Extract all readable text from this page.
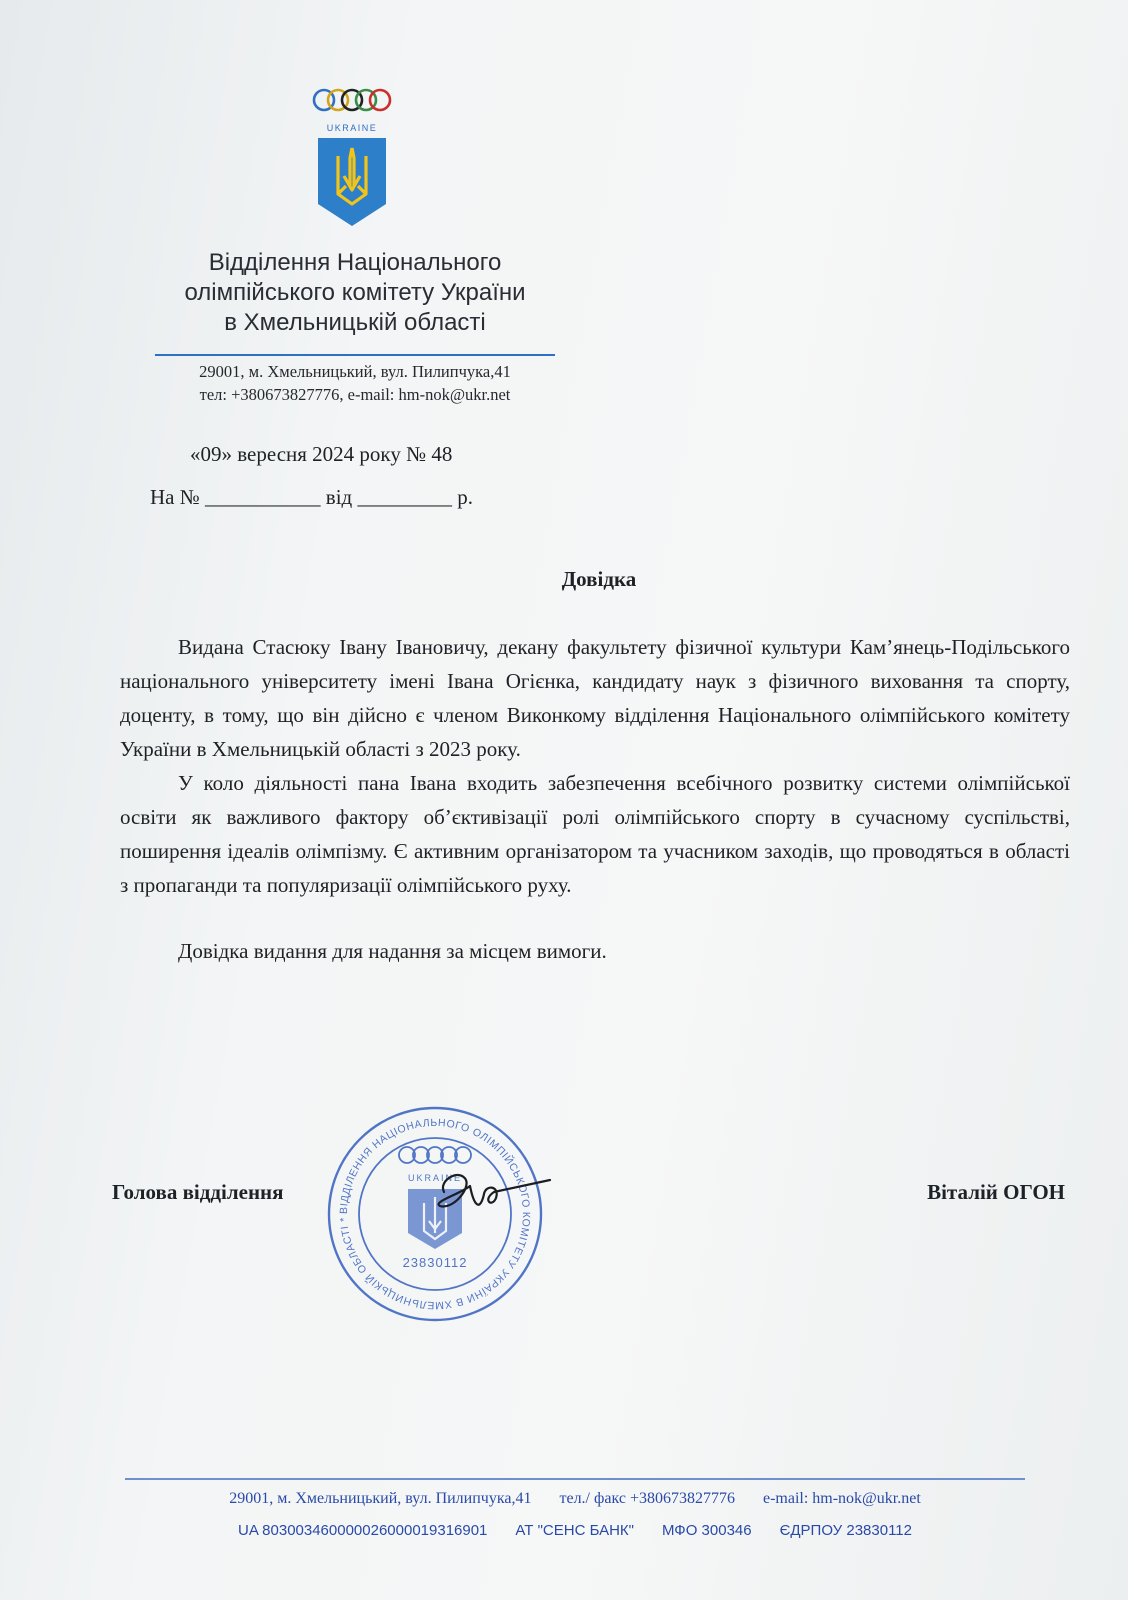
UKRAINE
Відділення Національного
олімпійського комітету України
в Хмельницькій області
29001, м. Хмельницький, вул. Пилипчука,41
тел: +380673827776, e-mail: hm-nok@ukr.net
«09» вересня 2024 року № 48
На № ___________ від _________ р.
Довідка

Видана Стасюку Івану Івановичу, декану факультету фізичної культури Кам’янець-Подільського національного університету імені Івана Огієнка, кандидату наук з фізичного виховання та спорту, доценту, в тому, що він дійсно є членом Виконкому відділення Національного олімпійського комітету України в Хмельницькій області з 2023 року.

У коло діяльності пана Івана входить забезпечення всебічного розвитку системи олімпійської освіти як важливого фактору об’єктивізації ролі олімпійського спорту в сучасному суспільстві, поширення ідеалів олімпізму. Є активним організатором та учасником заходів, що проводяться в області з пропаганди та популяризації олімпійського руху.

Довідка видання для надання за місцем вимоги.

ВІДДІЛЕННЯ НАЦІОНАЛЬНОГО ОЛІМПІЙСЬКОГО КОМІТЕТУ УКРАЇНИ В ХМЕЛЬНИЦЬКІЙ ОБЛАСТІ *
UKRAINE
23830112
Голова відділення	Віталій ОГОН
29001, м. Хмельницький, вул. Пилипчука,41 тел./ факс +380673827776 e-mail: hm-nok@ukr.net
UA 803003460000026000019316901 АТ "СЕНС БАНК" МФО 300346 ЄДРПОУ 23830112
